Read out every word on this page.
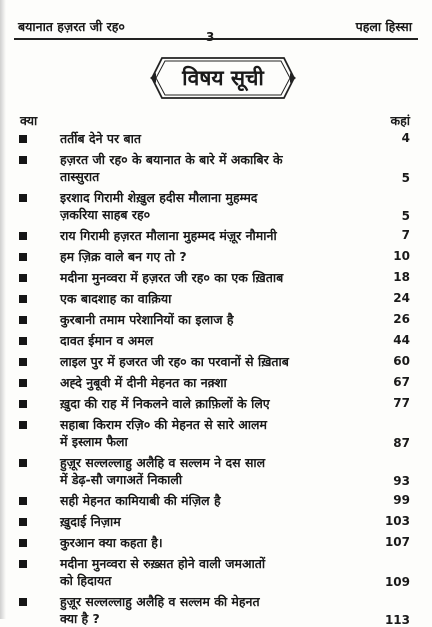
बयानात हज़रत जी रह०
3
पहला हिस्सा
विषय सूची
क्या	कहां
तर्तीब देने पर बात	4
हज़रत जी रह० के बयानात के बारे में अकाबिर के
तास्सुरात	5
इरशाद गिरामी शेख़ुल हदीस मौलाना मुहम्मद
ज़करिया साहब रह०	5
राय गिरामी हज़रत मौलाना मुहम्मद मंज़ूर नौमानी	7
हम ज़िक्र वाले बन गए तो ?	10
मदीना मुनव्वरा में हज़रत जी रह० का एक ख़िताब	18
एक बादशाह का वाक़िया	24
कुरबानी तमाम परेशानियों का इलाज है	26
दावत ईमान व अमल	44
लाइल पुर में हजरत जी रह० का परवानों से ख़िताब	60
अह्दे नुबूवी में दीनी मेहनत का नक़्शा	67
ख़ुदा की राह में निकलने वाले क़ाफ़िलों के लिए	77
सहाबा किराम रज़ि० की मेहनत से सारे आलम
में इस्लाम फैला	87
हुज़ूर सल्लल्लाहु अलैहि व सल्लम ने दस साल
में डेढ़-सौ जगाअतें निकाली	93
सही मेहनत कामियाबी की मंज़िल है	99
ख़ुदाई निज़ाम	103
कुरआन क्या कहता है।	107
मदीना मुनव्वरा से रुख़्सत होने वाली जमआतों
को हिदायत	109
हुज़ूर सल्लल्लाहु अलैहि व सल्लम की मेहनत
क्या है ?	113
